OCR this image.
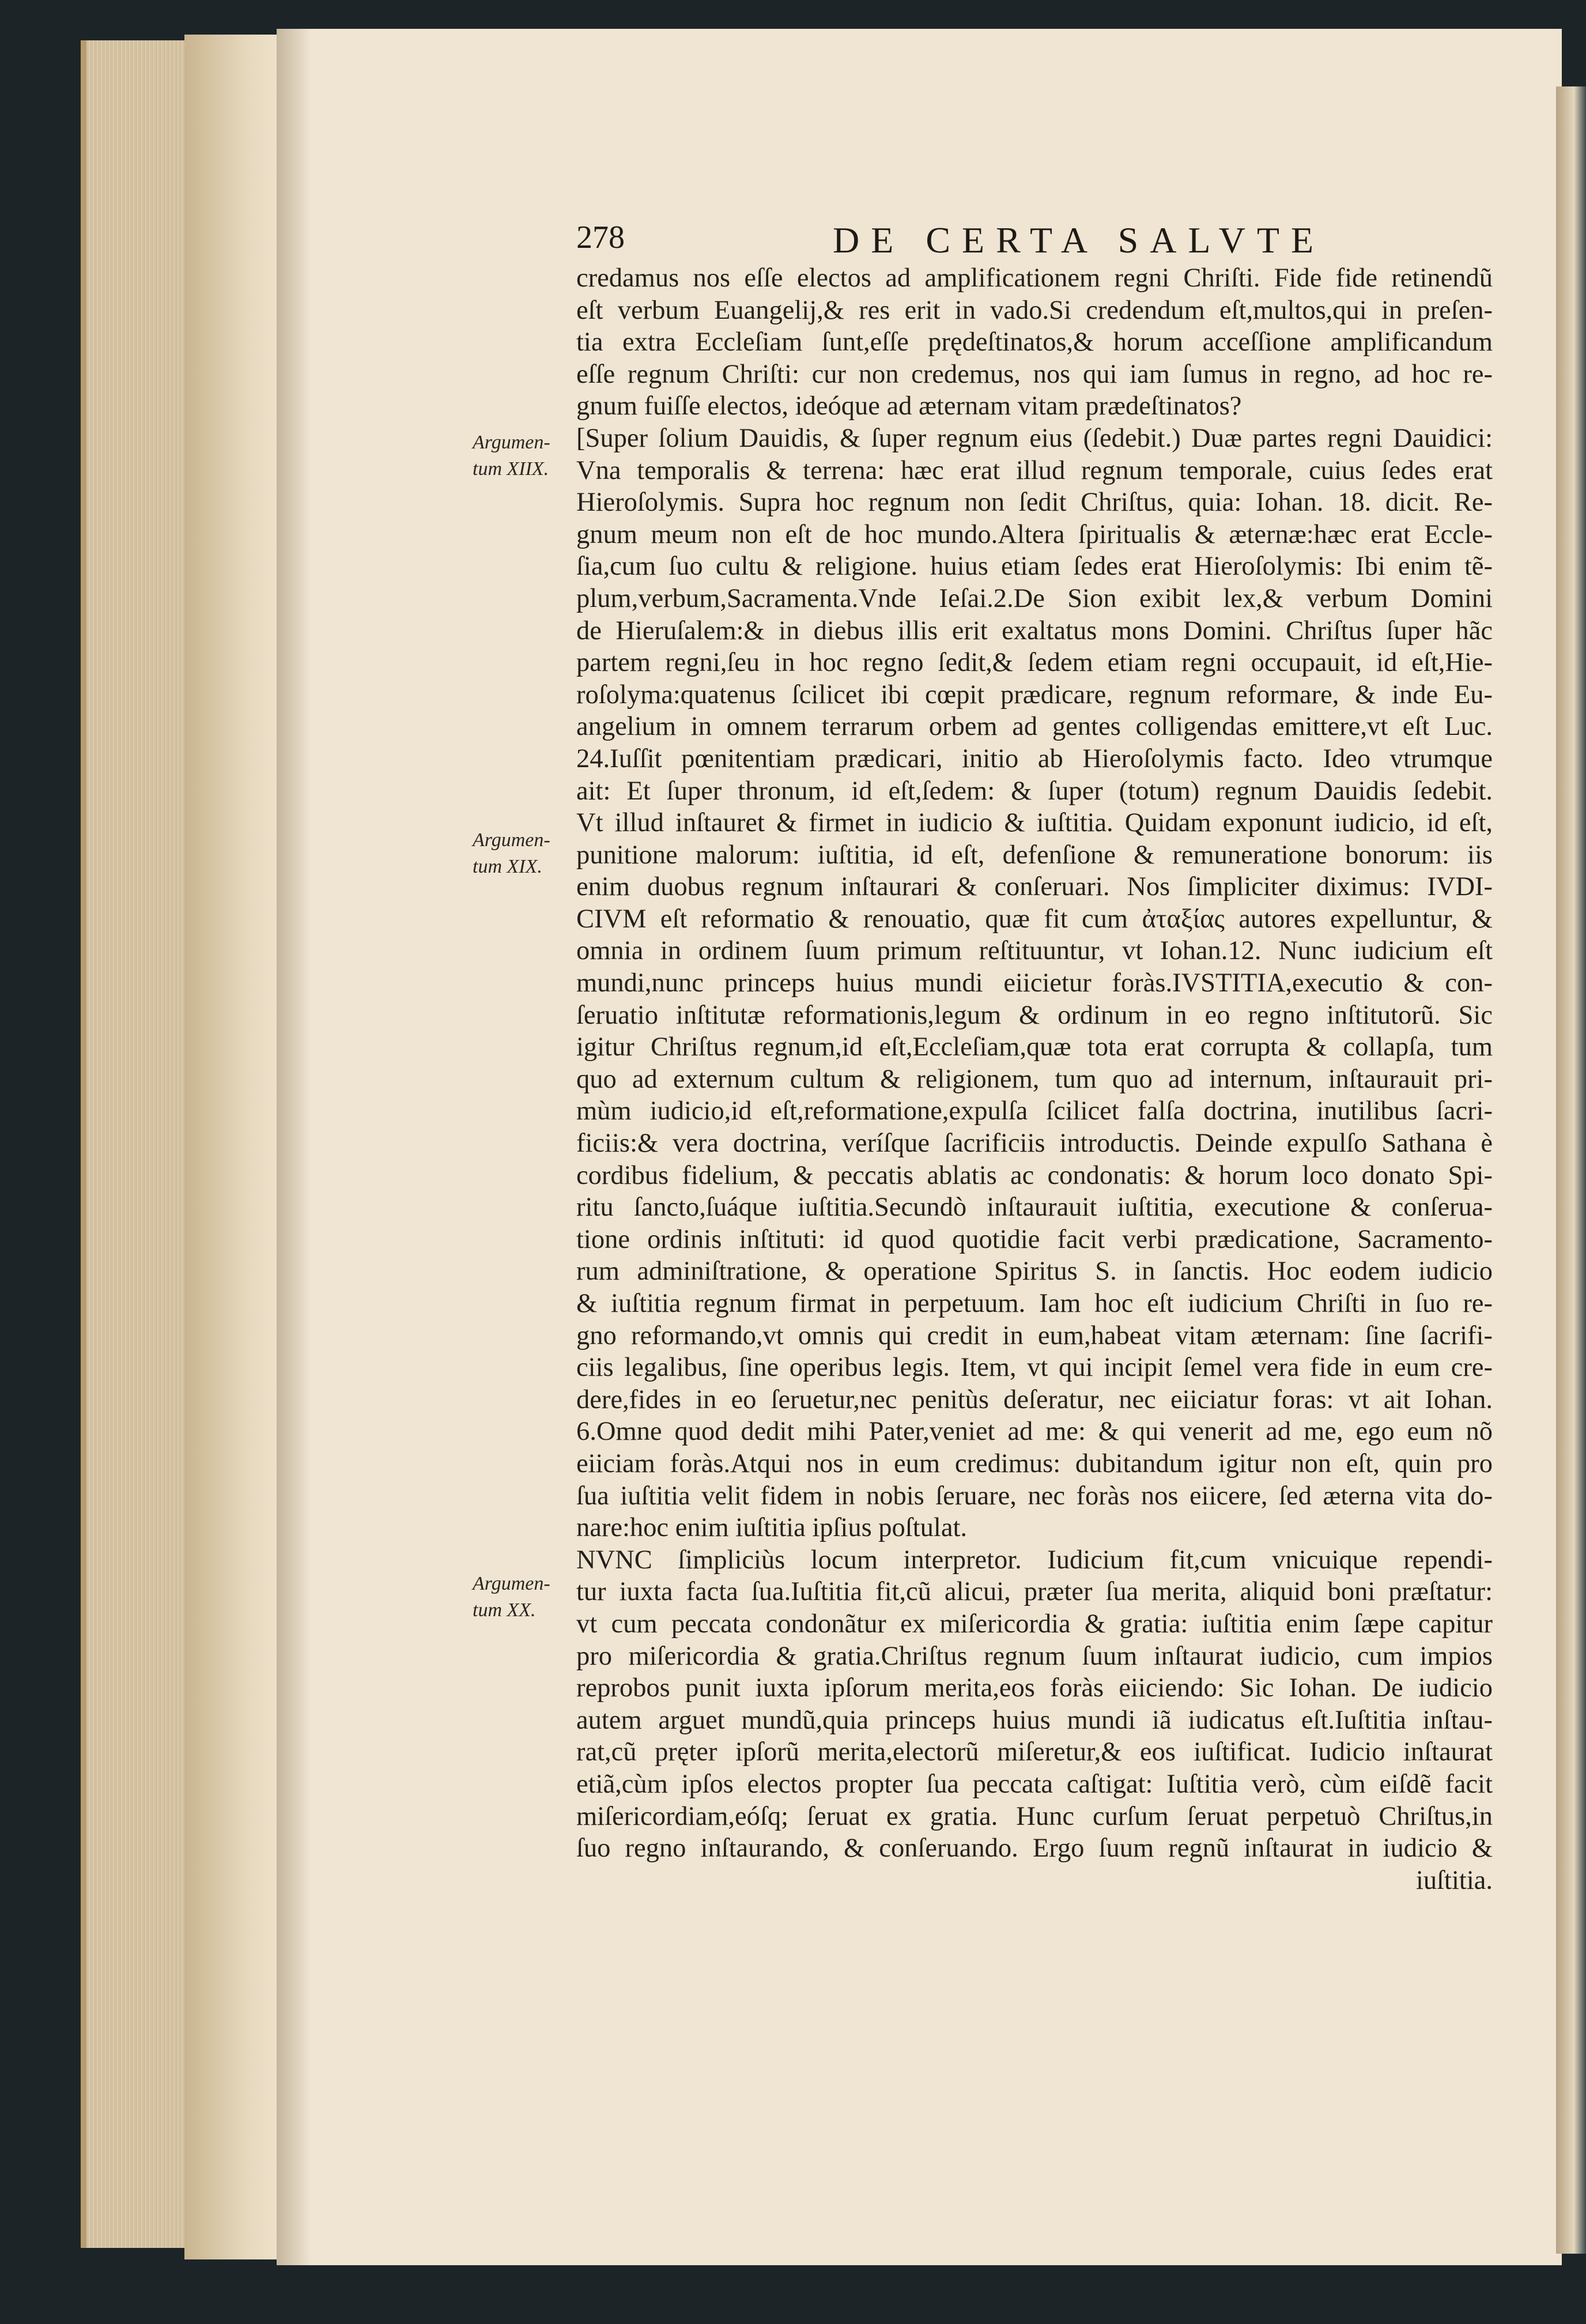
278	DE CERTA SALVTE
Argumen-
tum XIIX.
Argumen-
tum XIX.
Argumen-
tum XX.
credamus nos eſſe electos ad amplificationem regni Chriſti. Fide fide retinendũ
eſt verbum Euangelij,& res erit in vado.Si credendum eſt,multos,qui in preſen-
tia extra Eccleſiam ſunt,eſſe prędeſtinatos,& horum acceſſione amplificandum
eſſe regnum Chriſti: cur non credemus, nos qui iam ſumus in regno, ad hoc re-
gnum fuiſſe electos, ideóque ad æternam vitam prædeſtinatos?
[Super ſolium Dauidis, & ſuper regnum eius (ſedebit.) Duæ partes regni Dauidici:
Vna temporalis & terrena: hæc erat illud regnum temporale, cuius ſedes erat
Hieroſolymis. Supra hoc regnum non ſedit Chriſtus, quia: Iohan. 18. dicit. Re-
gnum meum non eſt de hoc mundo.Altera ſpiritualis & æternæ:hæc erat Eccle-
ſia,cum ſuo cultu & religione. huius etiam ſedes erat Hieroſolymis: Ibi enim tẽ-
plum,verbum,Sacramenta.Vnde Ieſai.2.De Sion exibit lex,& verbum Domini
de Hieruſalem:& in diebus illis erit exaltatus mons Domini. Chriſtus ſuper hãc
partem regni,ſeu in hoc regno ſedit,& ſedem etiam regni occupauit, id eſt,Hie-
roſolyma:quatenus ſcilicet ibi cœpit prædicare, regnum reformare, & inde Eu-
angelium in omnem terrarum orbem ad gentes colligendas emittere,vt eſt Luc.
24.Iuſſit pœnitentiam prædicari, initio ab Hieroſolymis facto. Ideo vtrumque
ait: Et ſuper thronum, id eſt,ſedem: & ſuper (totum) regnum Dauidis ſedebit.
Vt illud inſtauret & firmet in iudicio & iuſtitia. Quidam exponunt iudicio, id eſt,
punitione malorum: iuſtitia, id eſt, defenſione & remuneratione bonorum: iis
enim duobus regnum inſtaurari & conſeruari. Nos ſimpliciter diximus: IVDI-
CIVM eſt reformatio & renouatio, quæ fit cum ἀταξίας autores expelluntur, &
omnia in ordinem ſuum primum reſtituuntur, vt Iohan.12. Nunc iudicium eſt
mundi,nunc princeps huius mundi eiicietur foràs.IVSTITIA,executio & con-
ſeruatio inſtitutæ reformationis,legum & ordinum in eo regno inſtitutorũ. Sic
igitur Chriſtus regnum,id eſt,Eccleſiam,quæ tota erat corrupta & collapſa, tum
quo ad externum cultum & religionem, tum quo ad internum, inſtaurauit pri-
mùm iudicio,id eſt,reformatione,expulſa ſcilicet falſa doctrina, inutilibus ſacri-
ficiis:& vera doctrina, veríſque ſacrificiis introductis. Deinde expulſo Sathana è
cordibus fidelium, & peccatis ablatis ac condonatis: & horum loco donato Spi-
ritu ſancto,ſuáque iuſtitia.Secundò inſtaurauit iuſtitia, executione & conſerua-
tione ordinis inſtituti: id quod quotidie facit verbi prædicatione, Sacramento-
rum adminiſtratione, & operatione Spiritus S. in ſanctis. Hoc eodem iudicio
& iuſtitia regnum firmat in perpetuum. Iam hoc eſt iudicium Chriſti in ſuo re-
gno reformando,vt omnis qui credit in eum,habeat vitam æternam: ſine ſacrifi-
ciis legalibus, ſine operibus legis. Item, vt qui incipit ſemel vera fide in eum cre-
dere,fides in eo ſeruetur,nec penitùs deſeratur, nec eiiciatur foras: vt ait Iohan.
6.Omne quod dedit mihi Pater,veniet ad me: & qui venerit ad me, ego eum nõ
eiiciam foràs.Atqui nos in eum credimus: dubitandum igitur non eſt, quin pro
ſua iuſtitia velit fidem in nobis ſeruare, nec foràs nos eiicere, ſed æterna vita do-
nare:hoc enim iuſtitia ipſius poſtulat.
NVNC ſimpliciùs locum interpretor. Iudicium fit,cum vnicuique rependi-
tur iuxta facta ſua.Iuſtitia fit,cũ alicui, præter ſua merita, aliquid boni præſtatur:
vt cum peccata condonãtur ex miſericordia & gratia: iuſtitia enim ſæpe capitur
pro miſericordia & gratia.Chriſtus regnum ſuum inſtaurat iudicio, cum impios
reprobos punit iuxta ipſorum merita,eos foràs eiiciendo: Sic Iohan. De iudicio
autem arguet mundũ,quia princeps huius mundi iã iudicatus eſt.Iuſtitia inſtau-
rat,cũ pręter ipſorũ merita,electorũ miſeretur,& eos iuſtificat. Iudicio inſtaurat
etiã,cùm ipſos electos propter ſua peccata caſtigat: Iuſtitia verò, cùm eiſdẽ facit
miſericordiam,eóſq; ſeruat ex gratia. Hunc curſum ſeruat perpetuò Chriſtus,in
ſuo regno inſtaurando, & conſeruando. Ergo ſuum regnũ inſtaurat in iudicio &
iuſtitia.
